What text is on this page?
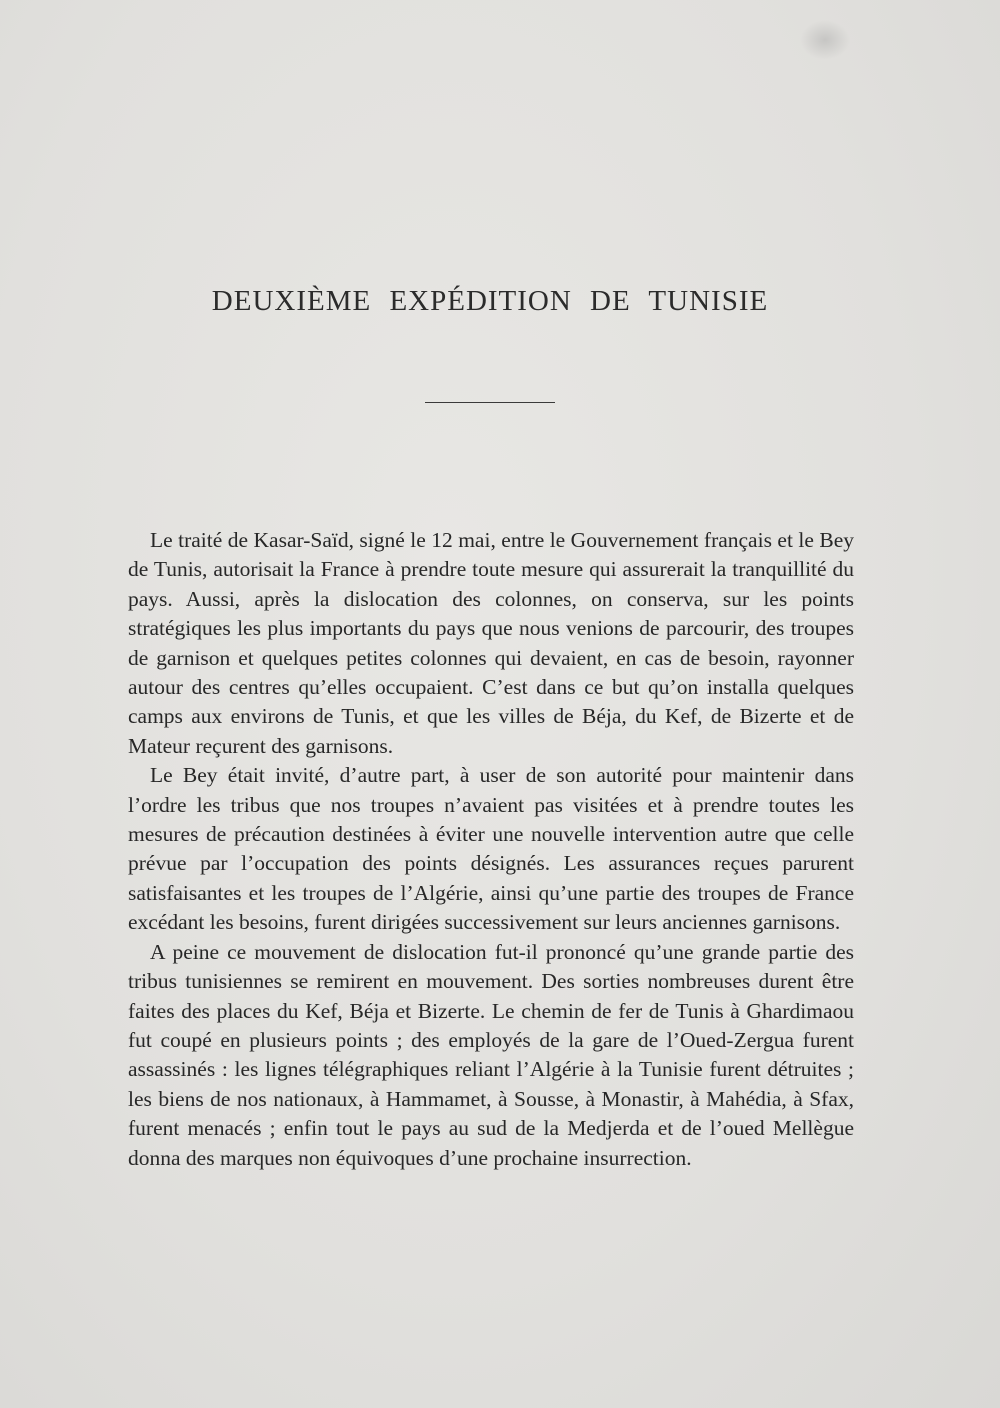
DEUXIÈME EXPÉDITION DE TUNISIE

Le traité de Kasar-Saïd, signé le 12 mai, entre le Gouvernement français et le Bey de Tunis, autorisait la France à prendre toute mesure qui assurerait la tranquillité du pays. Aussi, après la dislocation des colonnes, on conserva, sur les points stratégiques les plus importants du pays que nous venions de parcourir, des troupes de garnison et quelques petites colonnes qui devaient, en cas de besoin, rayonner autour des centres qu’elles occupaient. C’est dans ce but qu’on installa quelques camps aux environs de Tunis, et que les villes de Béja, du Kef, de Bizerte et de Mateur reçurent des garnisons.

Le Bey était invité, d’autre part, à user de son autorité pour maintenir dans l’ordre les tribus que nos troupes n’avaient pas visitées et à prendre toutes les mesures de précaution destinées à éviter une nouvelle intervention autre que celle prévue par l’occupation des points désignés. Les assurances reçues parurent satisfaisantes et les troupes de l’Algérie, ainsi qu’une partie des troupes de France excédant les besoins, furent dirigées successivement sur leurs anciennes garnisons.

A peine ce mouvement de dislocation fut-il prononcé qu’une grande partie des tribus tunisiennes se remirent en mouvement. Des sorties nombreuses durent être faites des places du Kef, Béja et Bizerte. Le chemin de fer de Tunis à Ghardimaou fut coupé en plusieurs points ; des employés de la gare de l’Oued-Zergua furent assassinés : les lignes télégraphiques reliant l’Algérie à la Tunisie furent détruites ; les biens de nos nationaux, à Hammamet, à Sousse, à Monastir, à Mahédia, à Sfax, furent menacés ; enfin tout le pays au sud de la Medjerda et de l’oued Mellègue donna des marques non équivoques d’une prochaine insurrection.
